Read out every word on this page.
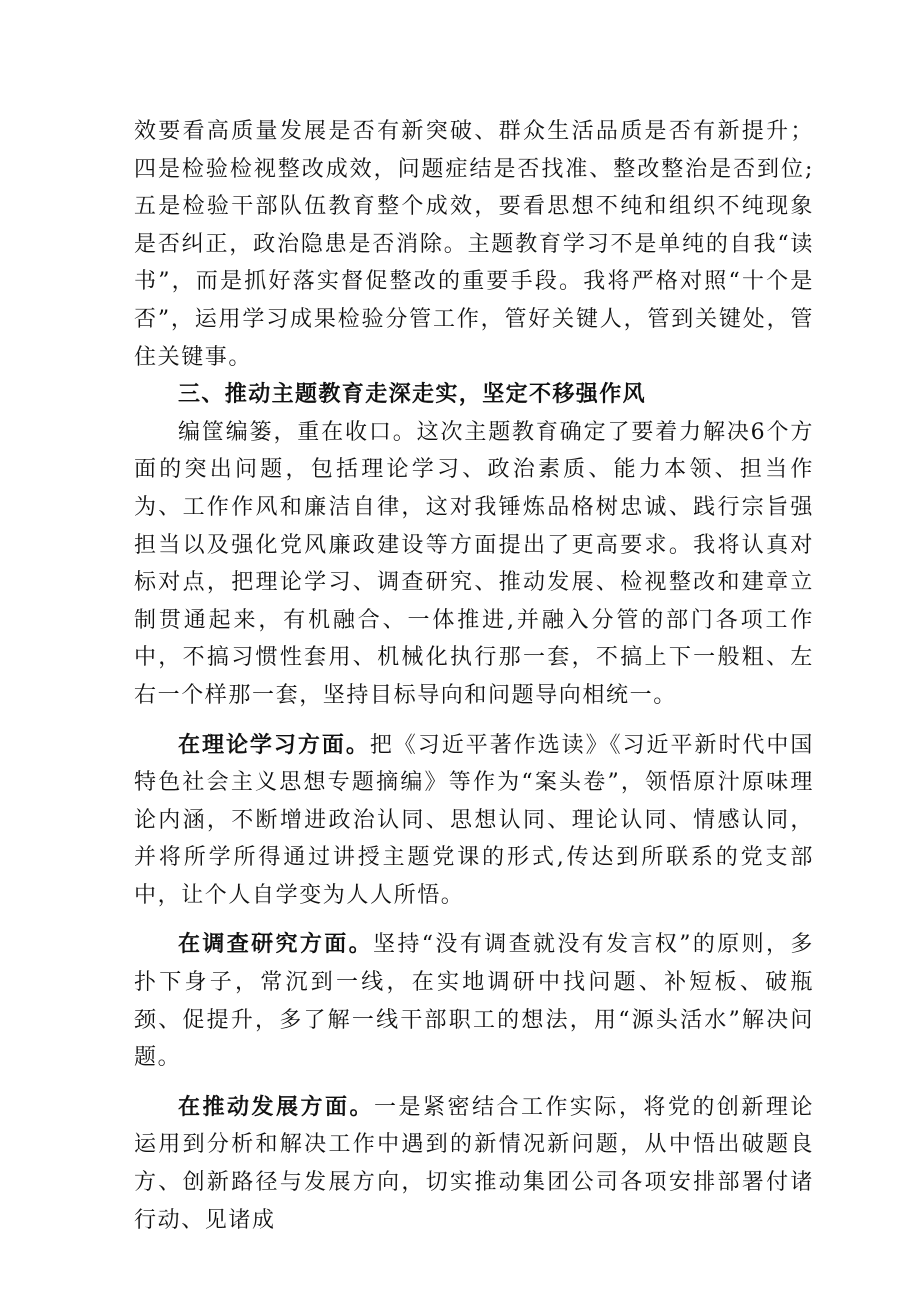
效要看高质量发展是否有新突破、群众生活品质是否有新提升；四是检验检视整改成效，问题症结是否找准、整改整治是否到位;五是检验干部队伍教育整个成效，要看思想不纯和组织不纯现象是否纠正，政治隐患是否消除。主题教育学习不是单纯的自我“读书”，而是抓好落实督促整改的重要手段。我将严格对照“十个是否”，运用学习成果检验分管工作，管好关键人，管到关键处，管住关键事。

三、推动主题教育走深走实，坚定不移强作风

编筐编篓，重在收口。这次主题教育确定了要着力解决6个方面的突出问题，包括理论学习、政治素质、能力本领、担当作为、工作作风和廉洁自律，这对我锤炼品格树忠诚、践行宗旨强担当以及强化党风廉政建设等方面提出了更高要求。我将认真对标对点，把理论学习、调查研究、推动发展、检视整改和建章立制贯通起来，有机融合、一体推进,并融入分管的部门各项工作中，不搞习惯性套用、机械化执行那一套，不搞上下一般粗、左右一个样那一套，坚持目标导向和问题导向相统一。

在理论学习方面。把《习近平著作选读》《习近平新时代中国特色社会主义思想专题摘编》等作为“案头卷”，领悟原汁原味理论内涵，不断增进政治认同、思想认同、理论认同、情感认同，并将所学所得通过讲授主题党课的形式,传达到所联系的党支部中，让个人自学变为人人所悟。

在调查研究方面。坚持“没有调查就没有发言权”的原则，多扑下身子，常沉到一线，在实地调研中找问题、补短板、破瓶颈、促提升，多了解一线干部职工的想法，用“源头活水”解决问题。

在推动发展方面。一是紧密结合工作实际，将党的创新理论运用到分析和解决工作中遇到的新情况新问题，从中悟出破题良方、创新路径与发展方向，切实推动集团公司各项安排部署付诸行动、见诸成
